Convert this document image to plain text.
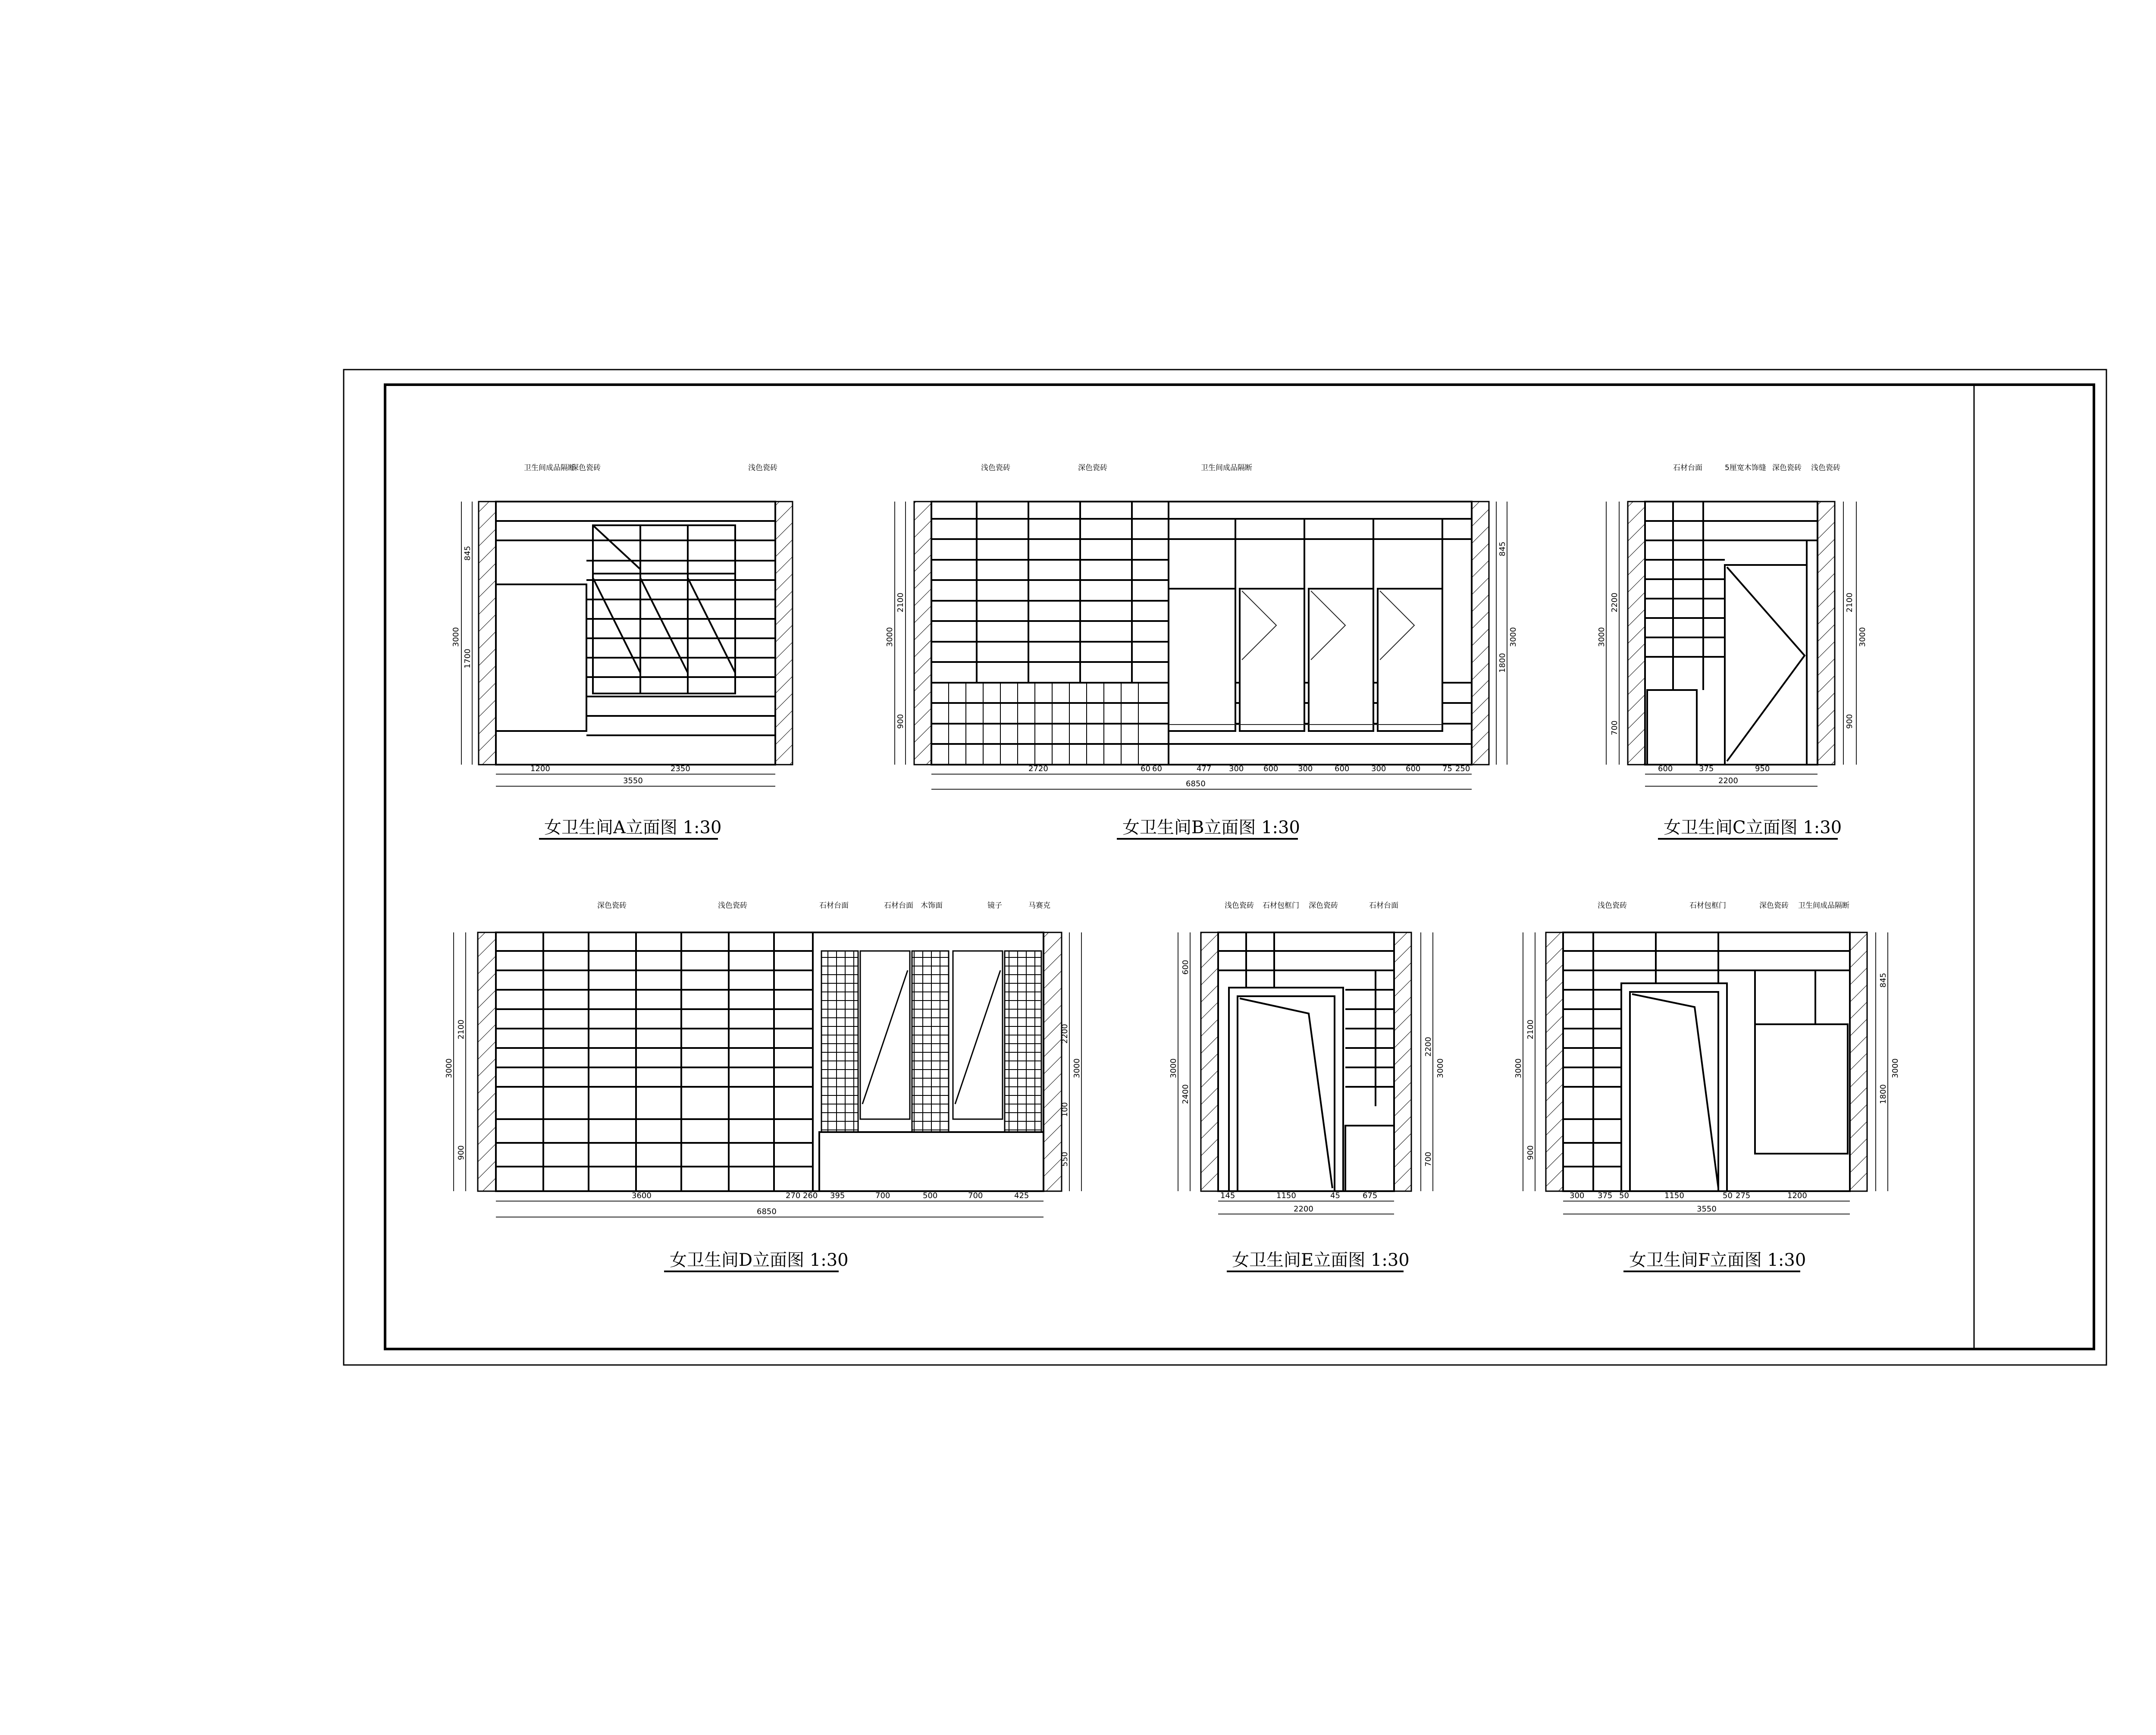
1200	2350
3550
845
1700
3000
卫生间成品隔断
深色瓷砖	浅色瓷砖
女卫生间A立面图 1:30
2720	60 60	477 300	600	300	600	300	600	75 250
6850
2100
3000
900
845
1800
3000
浅色瓷砖	深色瓷砖	卫生间成品隔断
女卫生间B立面图 1:30
600	375	950
2200
2200
3000
700
2100
3000
900
石材台面	5厘宽木饰缝 深色瓷砖 浅色瓷砖
女卫生间C立面图 1:30
3600	270 260 395	700	500	700	425
6850
2100
3000
900
2200
3000
100
550
深色瓷砖	浅色瓷砖	石材台面	石材台面 木饰面	镜子	马赛克
女卫生间D立面图 1:30
145	1150	45	675
2200
600
3000
2400
2200
3000
700
浅色瓷砖 石材包框门 深色瓷砖	石材台面
女卫生间E立面图 1:30
300 375 50	1150	50 275	1200
3550
2100
3000
900
845
3000
1800
浅色瓷砖	石材包框门	深色瓷砖 卫生间成品隔断
女卫生间F立面图 1:30
